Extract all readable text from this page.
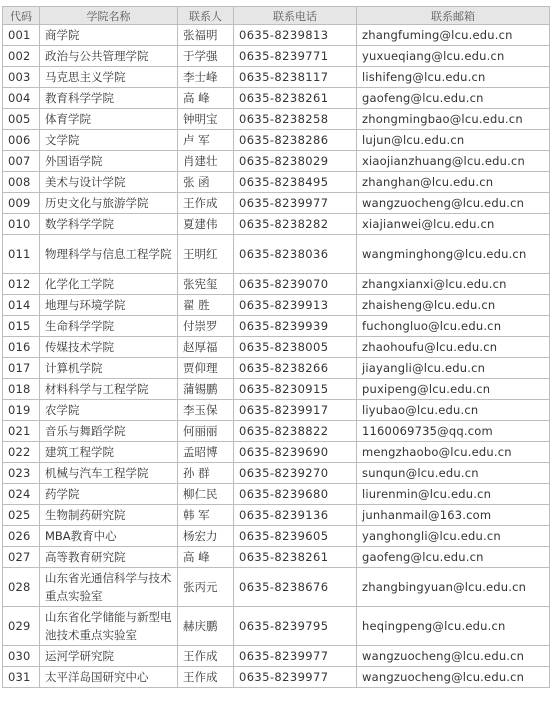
代码	学院名称	联系人	联系电话	联系邮箱
001	商学院	张福明	0635-8239813	zhangfuming@lcu.edu.cn
002	政治与公共管理学院	于学强	0635-8239771	yuxueqiang@lcu.edu.cn
003	马克思主义学院	李士峰	0635-8238117	lishifeng@lcu.edu.cn
004	教育科学学院	高 峰	0635-8238261	gaofeng@lcu.edu.cn
005	体育学院	钟明宝	0635-8238258	zhongmingbao@lcu.edu.cn
006	文学院	卢 军	0635-8238286	lujun@lcu.edu.cn
007	外国语学院	肖建壮	0635-8238029	xiaojianzhuang@lcu.edu.cn
008	美术与设计学院	张 函	0635-8238495	zhanghan@lcu.edu.cn
009	历史文化与旅游学院	王作成	0635-8239977	wangzuocheng@lcu.edu.cn
010	数学科学学院	夏建伟	0635-8238282	xiajianwei@lcu.edu.cn
011	物理科学与信息工程学院	王明红	0635-8238036	wangminghong@lcu.edu.cn
012	化学化工学院	张宪玺	0635-8239070	zhangxianxi@lcu.edu.cn
014	地理与环境学院	翟 胜	0635-8239913	zhaisheng@lcu.edu.cn
015	生命科学学院	付崇罗	0635-8239939	fuchongluo@lcu.edu.cn
016	传媒技术学院	赵厚福	0635-8238005	zhaohoufu@lcu.edu.cn
017	计算机学院	贾仰理	0635-8238266	jiayangli@lcu.edu.cn
018	材料科学与工程学院	蒲锡鹏	0635-8230915	puxipeng@lcu.edu.cn
019	农学院	李玉保	0635-8239917	liyubao@lcu.edu.cn
021	音乐与舞蹈学院	何丽丽	0635-8238822	1160069735@qq.com
022	建筑工程学院	孟昭博	0635-8239690	mengzhaobo@lcu.edu.cn
023	机械与汽车工程学院	孙 群	0635-8239270	sunqun@lcu.edu.cn
024	药学院	柳仁民	0635-8239680	liurenmin@lcu.edu.cn
025	生物制药研究院	韩 军	0635-8239136	junhanmail@163.com
026	MBA教育中心	杨宏力	0635-8239605	yanghongli@lcu.edu.cn
027	高等教育研究院	高 峰	0635-8238261	gaofeng@lcu.edu.cn
028	山东省光通信科学与技术重点实验室	张丙元	0635-8238676	zhangbingyuan@lcu.edu.cn
029	山东省化学储能与新型电池技术重点实验室	赫庆鹏	0635-8239795	heqingpeng@lcu.edu.cn
030	运河学研究院	王作成	0635-8239977	wangzuocheng@lcu.edu.cn
031	太平洋岛国研究中心	王作成	0635-8239977	wangzuocheng@lcu.edu.cn
